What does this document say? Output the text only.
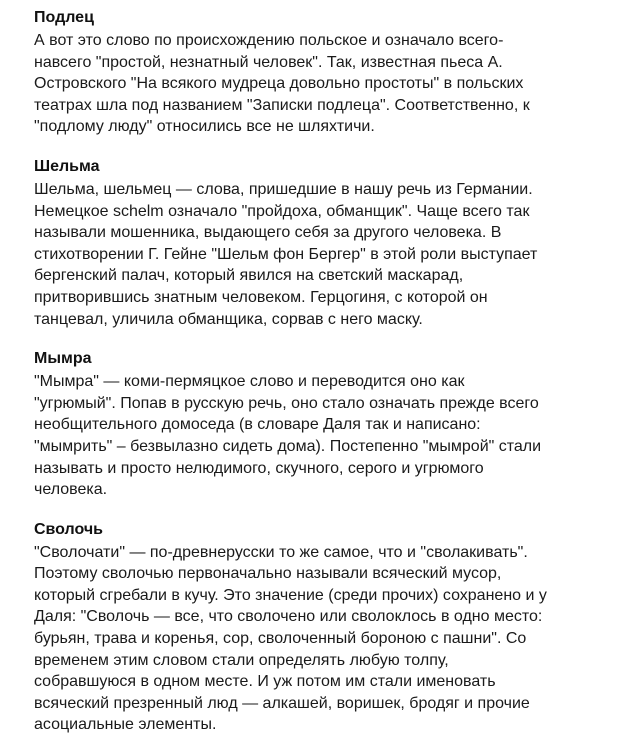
Подлец
А вот это слово по происхождению польское и означало всего-
навсего "простой, незнатный человек". Так, известная пьеса А.
Островского "На всякого мудреца довольно простоты" в польских
театрах шла под названием "Записки подлеца". Соответственно, к
"подлому люду" относились все не шляхтичи.
Шельма
Шельма, шельмец — слова, пришедшие в нашу речь из Германии.
Немецкое schelm означало "пройдоха, обманщик". Чаще всего так
называли мошенника, выдающего себя за другого человека. В
стихотворении Г. Гейне "Шельм фон Бергер" в этой роли выступает
бергенский палач, который явился на светский маскарад,
притворившись знатным человеком. Герцогиня, с которой он
танцевал, уличила обманщика, сорвав с него маску.
Мымра
"Мымра" — коми-пермяцкое слово и переводится оно как
"угрюмый". Попав в русскую речь, оно стало означать прежде всего
необщительного домоседа (в словаре Даля так и написано:
"мымрить" – безвылазно сидеть дома). Постепенно "мымрой" стали
называть и просто нелюдимого, скучного, серого и угрюмого
человека.
Сволочь
"Сволочати" — по-древнерусски то же самое, что и "сволакивать".
Поэтому сволочью первоначально называли всяческий мусор,
который сгребали в кучу. Это значение (среди прочих) сохранено и у
Даля: "Сволочь — все, что сволочено или сволоклось в одно место:
бурьян, трава и коренья, сор, сволоченный бороною с пашни". Со
временем этим словом стали определять любую толпу,
собравшуюся в одном месте. И уж потом им стали именовать
всяческий презренный люд — алкашей, воришек, бродяг и прочие
асоциальные элементы.
